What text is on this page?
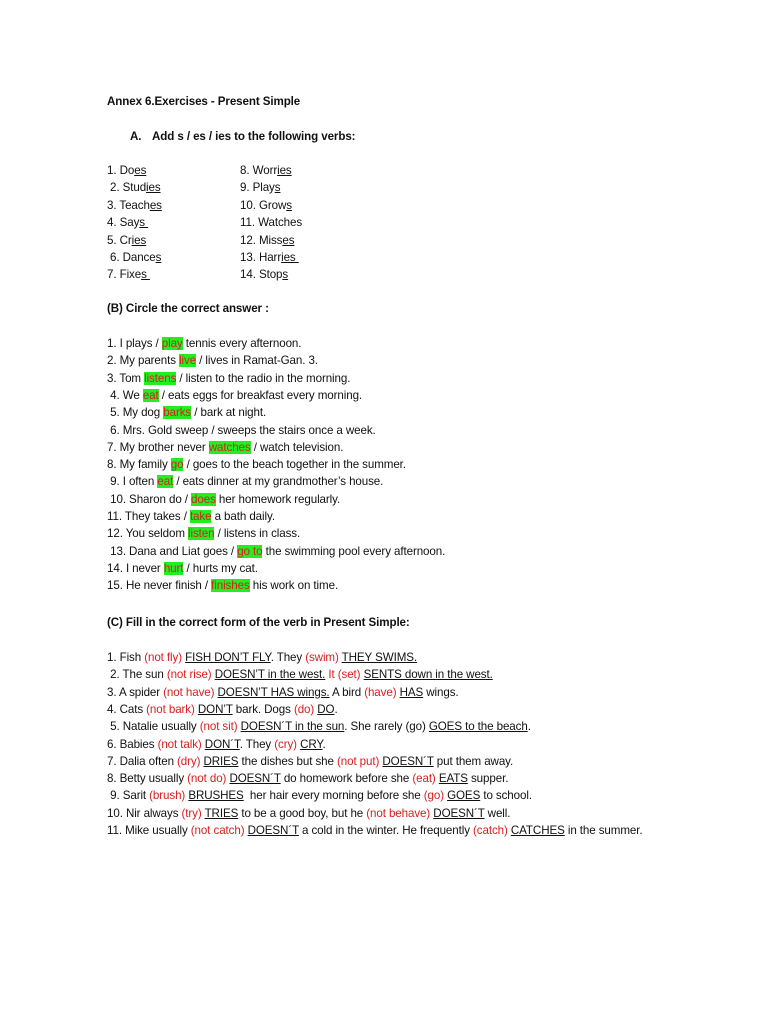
Annex 6.Exercises - Present Simple
A. Add s / es / ies to the following verbs:
1. Does
2. Studies
3. Teaches
4. Says
5. Cries
6. Dances
7. Fixes
8. Worries
9. Plays
10. Grows
11. Watches
12. Misses
13. Harries
14. Stops
(B) Circle the correct answer :
1. I plays / play tennis every afternoon.
2. My parents live / lives in Ramat-Gan. 3.
3. Tom listens / listen to the radio in the morning.
4. We eat / eats eggs for breakfast every morning.
5. My dog barks / bark at night.
6. Mrs. Gold sweep / sweeps the stairs once a week.
7. My brother never watches / watch television.
8. My family go / goes to the beach together in the summer.
9. I often eat / eats dinner at my grandmother’s house.
10. Sharon do / does her homework regularly.
11. They takes / take a bath daily.
12. You seldom listen / listens in class.
13. Dana and Liat goes / go to the swimming pool every afternoon.
14. I never hurt / hurts my cat.
15. He never finish / finishes his work on time.
(C) Fill in the correct form of the verb in Present Simple:
1. Fish (not fly) FISH DON’T FLY. They (swim) THEY SWIMS.
2. The sun (not rise) DOESN’T in the west. It (set) SENTS down in the west.
3. A spider (not have) DOESN’T HAS wings. A bird (have) HAS wings.
4. Cats (not bark) DON’T bark. Dogs (do) DO.
5. Natalie usually (not sit) DOESN´T in the sun. She rarely (go) GOES to the beach.
6. Babies (not talk) DON´T. They (cry) CRY.
7. Dalia often (dry) DRIES the dishes but she (not put) DOESN´T put them away.
8. Betty usually (not do) DOESN´T do homework before she (eat) EATS supper.
9. Sarit (brush) BRUSHES  her hair every morning before she (go) GOES to school.
10. Nir always (try) TRIES to be a good boy, but he (not behave) DOESN´T well.
11. Mike usually (not catch) DOESN´T a cold in the winter. He frequently (catch) CATCHES in the summer.
